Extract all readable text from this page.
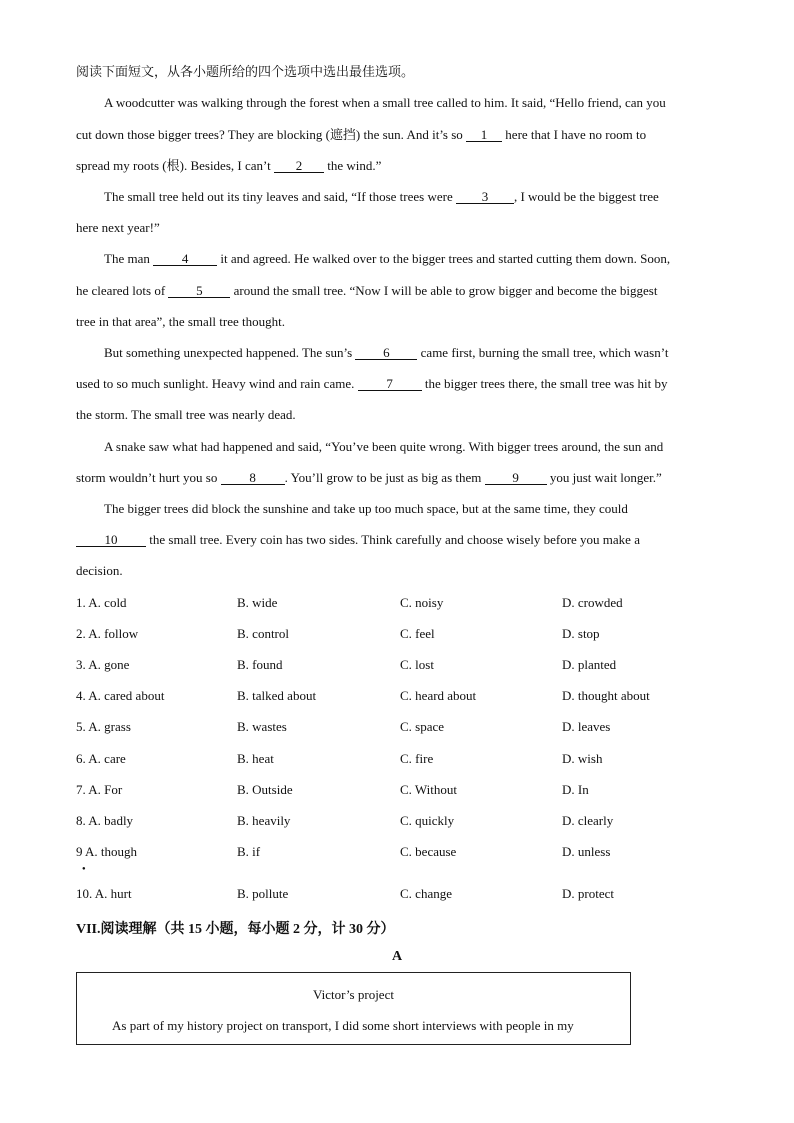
阅读下面短文，从各小题所给的四个选项中选出最佳选项。
A woodcutter was walking through the forest when a small tree called to him. It said, “Hello friend, can you
cut down those bigger trees? They are blocking (遮挡) the sun. And it’s so 1 here that I have no room to
spread my roots (根). Besides, I can’t 2 the wind.”
The small tree held out its tiny leaves and said, “If those trees were 3 , I would be the biggest tree
here next year!”
The man 4 it and agreed. He walked over to the bigger trees and started cutting them down. Soon,
he cleared lots of 5 around the small tree. “Now I will be able to grow bigger and become the biggest
tree in that area”, the small tree thought.
But something unexpected happened. The sun’s 6 came first, burning the small tree, which wasn’t
used to so much sunlight. Heavy wind and rain came. 7 the bigger trees there, the small tree was hit by
the storm. The small tree was nearly dead.
A snake saw what had happened and said, “You’ve been quite wrong. With bigger trees around, the sun and
storm wouldn’t hurt you so 8 . You’ll grow to be just as big as them 9 you just wait longer.”
The bigger trees did block the sunshine and take up too much space, but at the same time, they could
10 the small tree. Every coin has two sides. Think carefully and choose wisely before you make a
decision.
1. A. cold	B. wide	C. noisy	D. crowded
2. A. follow	B. control	C. feel	D. stop
3. A. gone	B. found	C. lost	D. planted
4. A. cared about	B. talked about	C. heard about	D. thought about
5. A. grass	B. wastes	C. space	D. leaves
6. A. care	B. heat	C. fire	D. wish
7. A. For	B. Outside	C. Without	D. In
8. A. badly	B. heavily	C. quickly	D. clearly
9 A. though	B. if	C. because	D. unless
●
10. A. hurt	B. pollute	C. change	D. protect
VII.阅读理解（共 15 小题，每小题 2 分，计 30 分）
A
Victor’s project
As part of my history project on transport, I did some short interviews with people in my
